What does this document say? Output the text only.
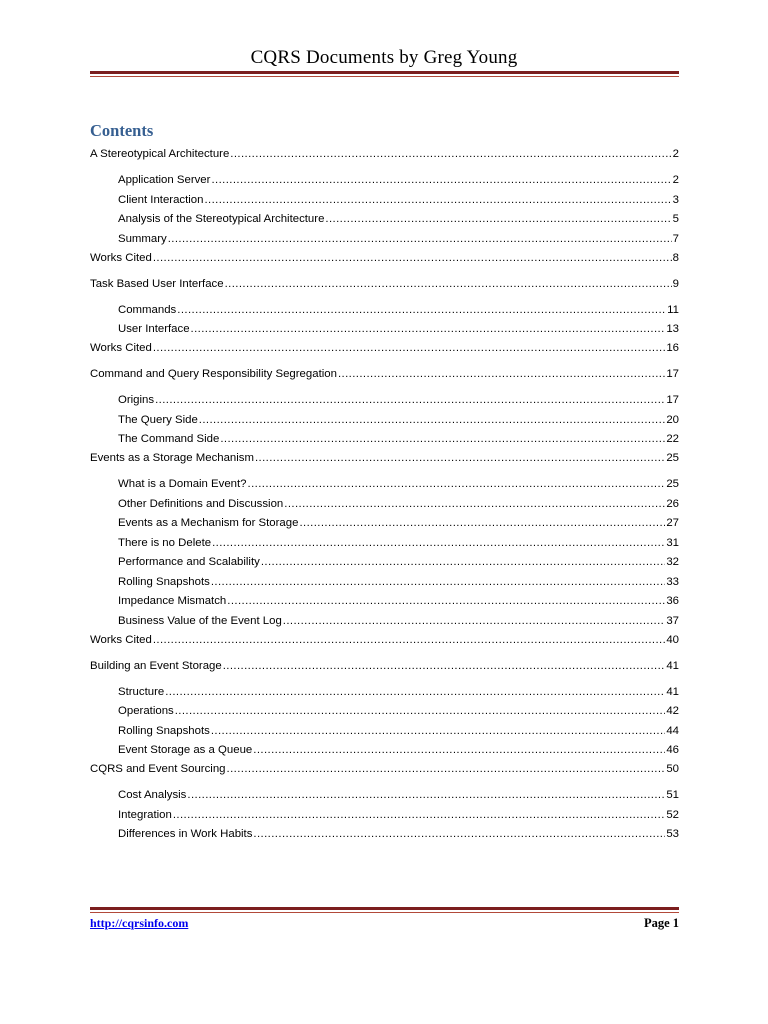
CQRS Documents by Greg Young
Contents
A Stereotypical Architecture .....	2
Application Server .....	2
Client Interaction .....	3
Analysis of the Stereotypical Architecture .....	5
Summary .....	7
Works Cited .....	8
Task Based User Interface .....	9
Commands .....	11
User Interface .....	13
Works Cited .....	16
Command and Query Responsibility Segregation .....	17
Origins .....	17
The Query Side .....	20
The Command Side .....	22
Events as a Storage Mechanism .....	25
What is a Domain Event? .....	25
Other Definitions and Discussion .....	26
Events as a Mechanism for Storage .....	27
There is no Delete .....	31
Performance and Scalability .....	32
Rolling Snapshots .....	33
Impedance Mismatch .....	36
Business Value of the Event Log .....	37
Works Cited .....	40
Building an Event Storage .....	41
Structure .....	41
Operations .....	42
Rolling Snapshots .....	44
Event Storage as a Queue .....	46
CQRS and Event Sourcing .....	50
Cost Analysis .....	51
Integration .....	52
Differences in Work Habits .....	53
http://cqrsinfo.com	Page 1
